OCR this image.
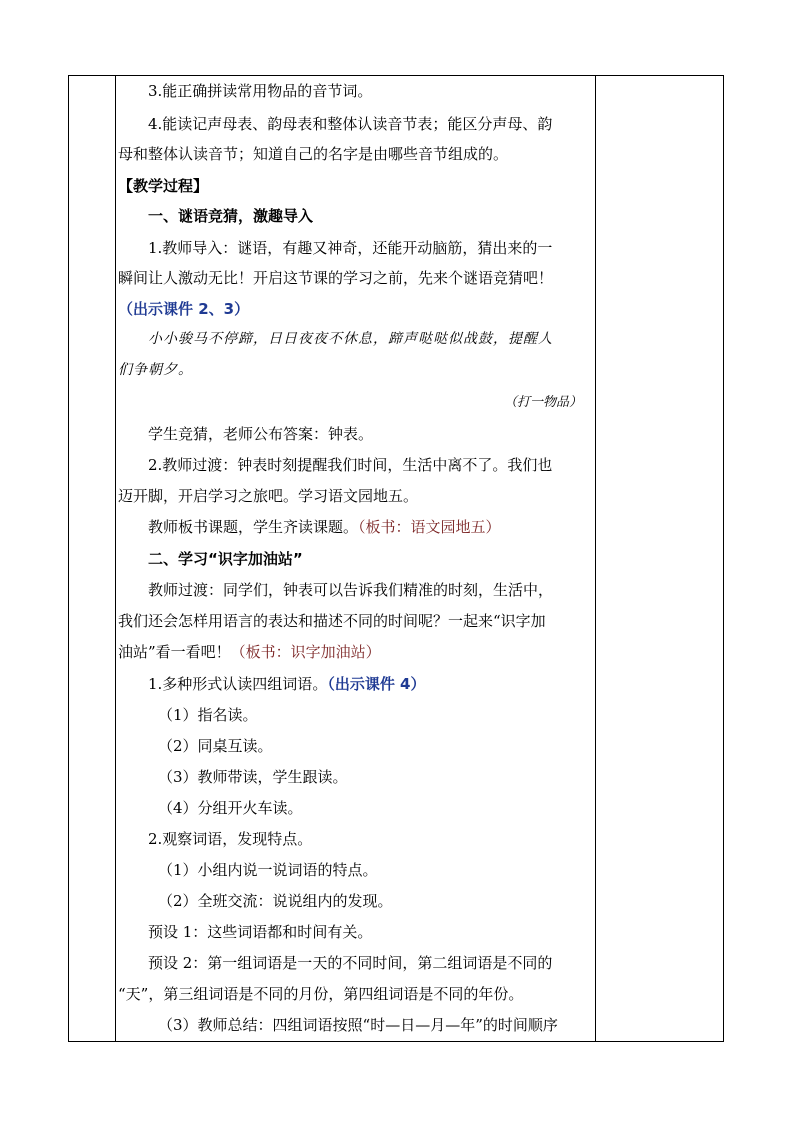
3.能正确拼读常用物品的音节词。
4.能读记声母表、韵母表和整体认读音节表；能区分声母、韵
母和整体认读音节；知道自己的名字是由哪些音节组成的。
【教学过程】
一、谜语竞猜，激趣导入
1.教师导入：谜语，有趣又神奇，还能开动脑筋，猜出来的一
瞬间让人激动无比！开启这节课的学习之前，先来个谜语竞猜吧！
（出示课件 2、3）
小小骏马不停蹄，日日夜夜不休息，蹄声哒哒似战鼓，提醒人
们争朝夕。
（打一物品）
学生竞猜，老师公布答案：钟表。
2.教师过渡：钟表时刻提醒我们时间，生活中离不了。我们也
迈开脚，开启学习之旅吧。学习语文园地五。
教师板书课题，学生齐读课题。（板书：语文园地五）
二、学习“识字加油站”
教师过渡：同学们，钟表可以告诉我们精准的时刻，生活中，
我们还会怎样用语言的表达和描述不同的时间呢？一起来“识字加
油站”看一看吧！（板书：识字加油站）
1.多种形式认读四组词语。（出示课件 4）
（1）指名读。
（2）同桌互读。
（3）教师带读，学生跟读。
（4）分组开火车读。
2.观察词语，发现特点。
（1）小组内说一说词语的特点。
（2）全班交流：说说组内的发现。
预设 1：这些词语都和时间有关。
预设 2：第一组词语是一天的不同时间，第二组词语是不同的
“天”，第三组词语是不同的月份，第四组词语是不同的年份。
（3）教师总结：四组词语按照“时—日—月—年”的时间顺序
